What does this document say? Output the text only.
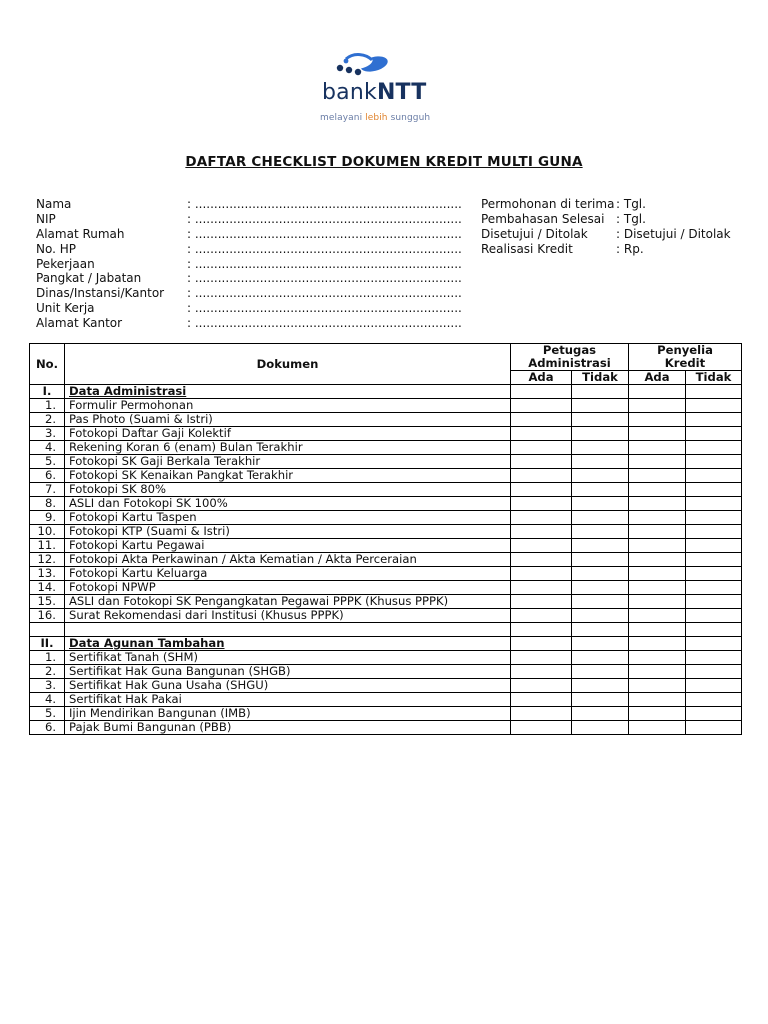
bankNTT
melayani lebih sungguh
DAFTAR CHECKLIST DOKUMEN KREDIT MULTI GUNA
Nama	: ......................................................................
NIP	: ......................................................................
Alamat Rumah	: ......................................................................
No. HP	: ......................................................................
Pekerjaan	: ......................................................................
Pangkat / Jabatan	: ......................................................................
Dinas/Instansi/Kantor : ......................................................................
Unit Kerja	: ......................................................................
Alamat Kantor	: ......................................................................
Permohonan di terima : Tgl.
Pembahasan Selesai : Tgl.
Disetujui / Ditolak : Disetujui / Ditolak
Realisasi Kredit	: Rp.
No.	Dokumen	Petugas		Penyelia	
		Administrasi		Kredit	
		Ada	Tidak	Ada	Tidak
I.	Data Administrasi				
1.	Formulir Permohonan				
2.	Pas Photo (Suami & Istri)				
3.	Fotokopi Daftar Gaji Kolektif				
4.	Rekening Koran 6 (enam) Bulan Terakhir				
5.	Fotokopi SK Gaji Berkala Terakhir				
6.	Fotokopi SK Kenaikan Pangkat Terakhir				
7.	Fotokopi SK 80%				
8.	ASLI dan Fotokopi SK 100%				
9.	Fotokopi Kartu Taspen				
10.	Fotokopi KTP (Suami & Istri)				
11.	Fotokopi Kartu Pegawai				
12.	Fotokopi Akta Perkawinan / Akta Kematian / Akta Perceraian				
13.	Fotokopi Kartu Keluarga				
14.	Fotokopi NPWP				
15.	ASLI dan Fotokopi SK Pengangkatan Pegawai PPPK (Khusus PPPK)				
16.	Surat Rekomendasi dari Institusi (Khusus PPPK)				

II.	Data Agunan Tambahan				
1.	Sertifikat Tanah (SHM)				
2.	Sertifikat Hak Guna Bangunan (SHGB)				
3.	Sertifikat Hak Guna Usaha (SHGU)				
4.	Sertifikat Hak Pakai				
5.	Ijin Mendirikan Bangunan (IMB)				
6.	Pajak Bumi Bangunan (PBB)				
